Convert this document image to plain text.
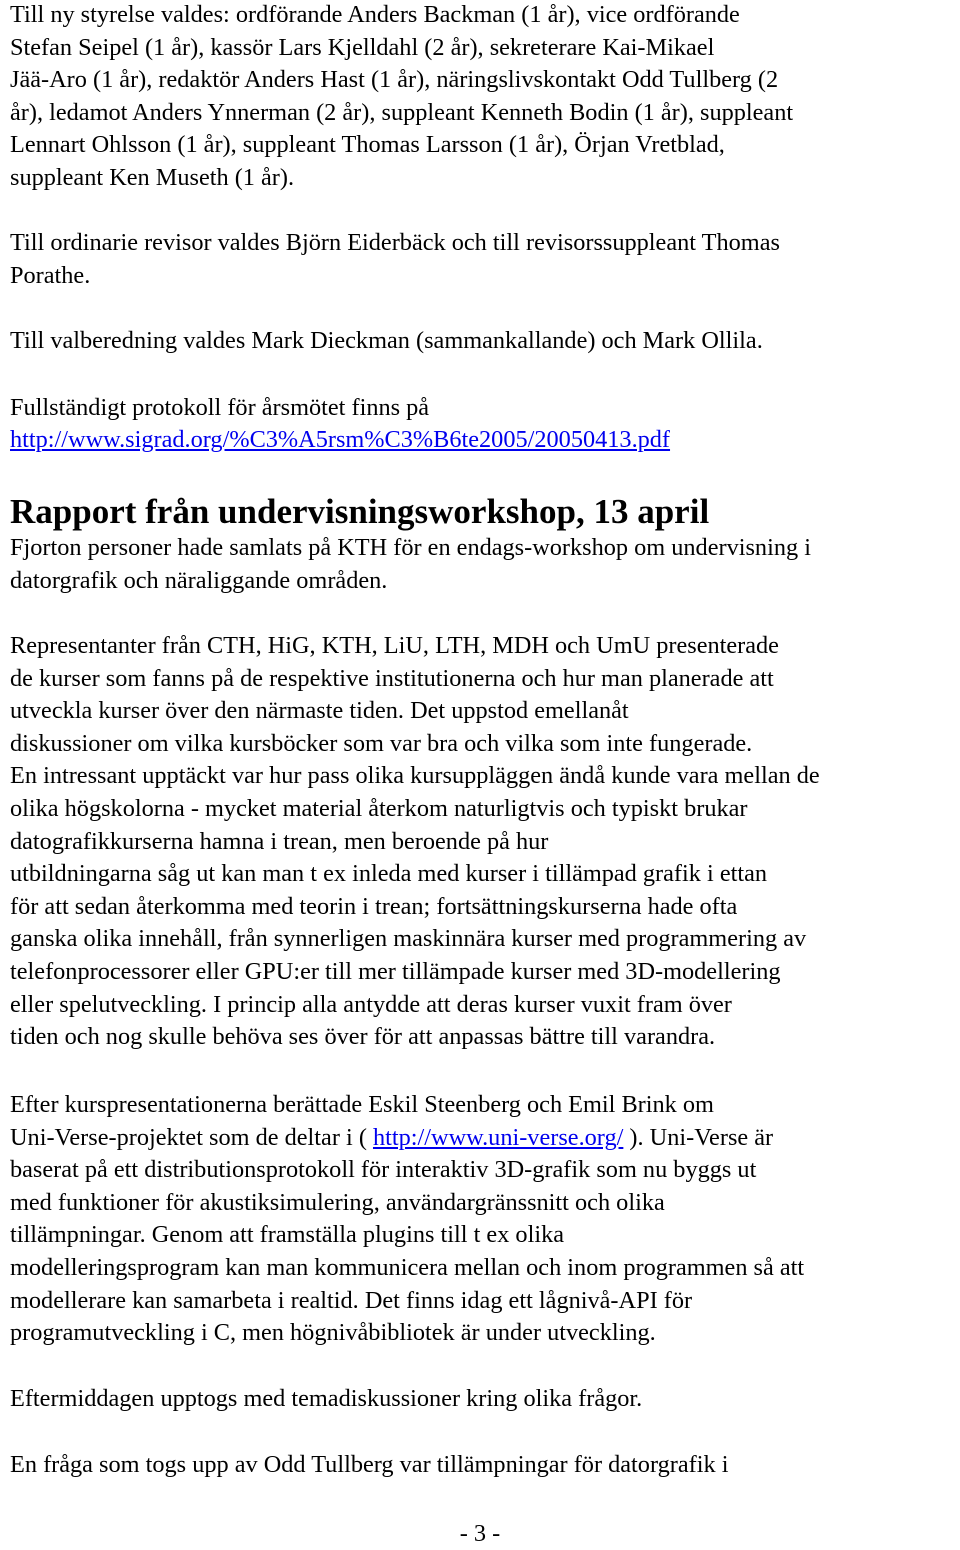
Till ny styrelse valdes: ordförande Anders Backman (1 år), vice ordförande
Stefan Seipel (1 år), kassör Lars Kjelldahl (2 år), sekreterare Kai-Mikael
Jää-Aro (1 år), redaktör Anders Hast (1 år), näringslivskontakt Odd Tullberg (2
år), ledamot Anders Ynnerman (2 år), suppleant Kenneth Bodin (1 år), suppleant
Lennart Ohlsson (1 år), suppleant Thomas Larsson (1 år), Örjan Vretblad,
suppleant Ken Museth (1 år).
Till ordinarie revisor valdes Björn Eiderbäck och till revisorssuppleant Thomas
Porathe.
Till valberedning valdes Mark Dieckman (sammankallande) och Mark Ollila.
Fullständigt protokoll för årsmötet finns på
http://www.sigrad.org/%C3%A5rsm%C3%B6te2005/20050413.pdf
Rapport från undervisningsworkshop, 13 april
Fjorton personer hade samlats på KTH för en endags-workshop om undervisning i
datorgrafik och näraliggande områden.
Representanter från CTH, HiG, KTH, LiU, LTH, MDH och UmU presenterade
de kurser som fanns på de respektive institutionerna och hur man planerade att
utveckla kurser över den närmaste tiden. Det uppstod emellanåt
diskussioner om vilka kursböcker som var bra och vilka som inte fungerade.
En intressant upptäckt var hur pass olika kursuppläggen ändå kunde vara mellan de
olika högskolorna - mycket material återkom naturligtvis och typiskt brukar
datografikkurserna hamna i trean, men beroende på hur
utbildningarna såg ut kan man t ex inleda med kurser i tillämpad grafik i ettan
för att sedan återkomma med teorin i trean; fortsättningskurserna hade ofta
ganska olika innehåll, från synnerligen maskinnära kurser med programmering av
telefonprocessorer eller GPU:er till mer tillämpade kurser med 3D-modellering
eller spelutveckling. I princip alla antydde att deras kurser vuxit fram över
tiden och nog skulle behöva ses över för att anpassas bättre till varandra.
Efter kurspresentationerna berättade Eskil Steenberg och Emil Brink om
Uni-Verse-projektet som de deltar i ( http://www.uni-verse.org/ ). Uni-Verse är
baserat på ett distributionsprotokoll för interaktiv 3D-grafik som nu byggs ut
med funktioner för akustiksimulering, användargränssnitt och olika
tillämpningar. Genom att framställa plugins till t ex olika
modelleringsprogram kan man kommunicera mellan och inom programmen så att
modellerare kan samarbeta i realtid. Det finns idag ett lågnivå-API för
programutveckling i C, men högnivåbibliotek är under utveckling.
Eftermiddagen upptogs med temadiskussioner kring olika frågor.
En fråga som togs upp av Odd Tullberg var tillämpningar för datorgrafik i
- 3 -
